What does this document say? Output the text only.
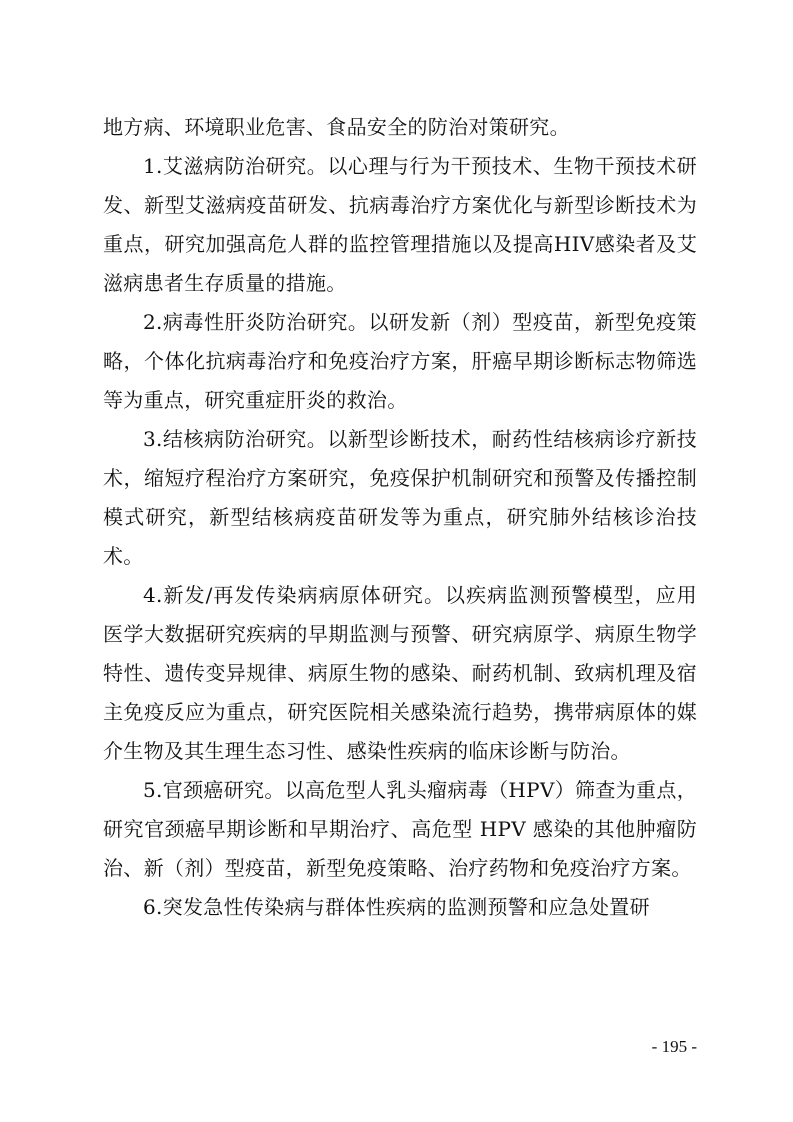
地方病、环境职业危害、食品安全的防治对策研究。

1.艾滋病防治研究。以心理与行为干预技术、生物干预技术研发、新型艾滋病疫苗研发、抗病毒治疗方案优化与新型诊断技术为重点，研究加强高危人群的监控管理措施以及提高HIV感染者及艾滋病患者生存质量的措施。

2.病毒性肝炎防治研究。以研发新（剂）型疫苗，新型免疫策略，个体化抗病毒治疗和免疫治疗方案，肝癌早期诊断标志物筛选等为重点，研究重症肝炎的救治。

3.结核病防治研究。以新型诊断技术，耐药性结核病诊疗新技术，缩短疗程治疗方案研究，免疫保护机制研究和预警及传播控制模式研究，新型结核病疫苗研发等为重点，研究肺外结核诊治技术。

4.新发/再发传染病病原体研究。以疾病监测预警模型，应用医学大数据研究疾病的早期监测与预警、研究病原学、病原生物学特性、遗传变异规律、病原生物的感染、耐药机制、致病机理及宿主免疫反应为重点，研究医院相关感染流行趋势，携带病原体的媒介生物及其生理生态习性、感染性疾病的临床诊断与防治。

5.官颈癌研究。以高危型人乳头瘤病毒（HPV）筛查为重点，研究官颈癌早期诊断和早期治疗、高危型 HPV 感染的其他肿瘤防治、新（剂）型疫苗，新型免疫策略、治疗药物和免疫治疗方案。

6.突发急性传染病与群体性疾病的监测预警和应急处置研

- 195 -
